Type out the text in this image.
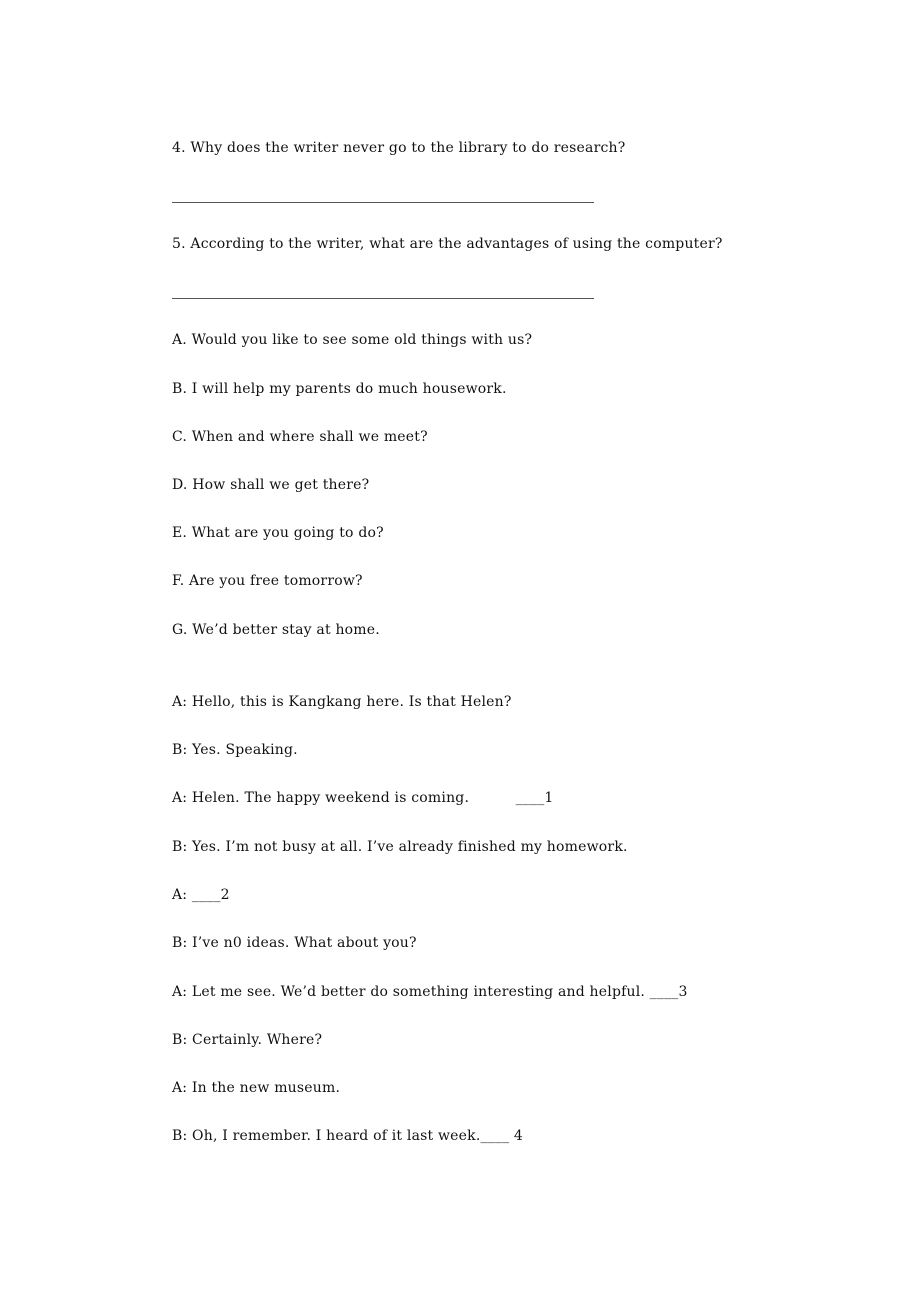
4. Why does the writer never go to the library to do research?
5. According to the writer, what are the advantages of using the computer?
A. Would you like to see some old things with us?
B. I will help my parents do much housework.
C. When and where shall we meet?
D. How shall we get there?
E. What are you going to do?
F. Are you free tomorrow?
G. We’d better stay at home.
A: Hello, this is Kangkang here. Is that Helen?
B: Yes. Speaking.
A: Helen. The happy weekend is coming.          ____1
B: Yes. I’m not busy at all. I’ve already finished my homework.
A: ____2
B: I’ve n0 ideas. What about you?
A: Let me see. We’d better do something interesting and helpful. ____3
B: Certainly. Where?
A: In the new museum.
B: Oh, I remember. I heard of it last week.____ 4
